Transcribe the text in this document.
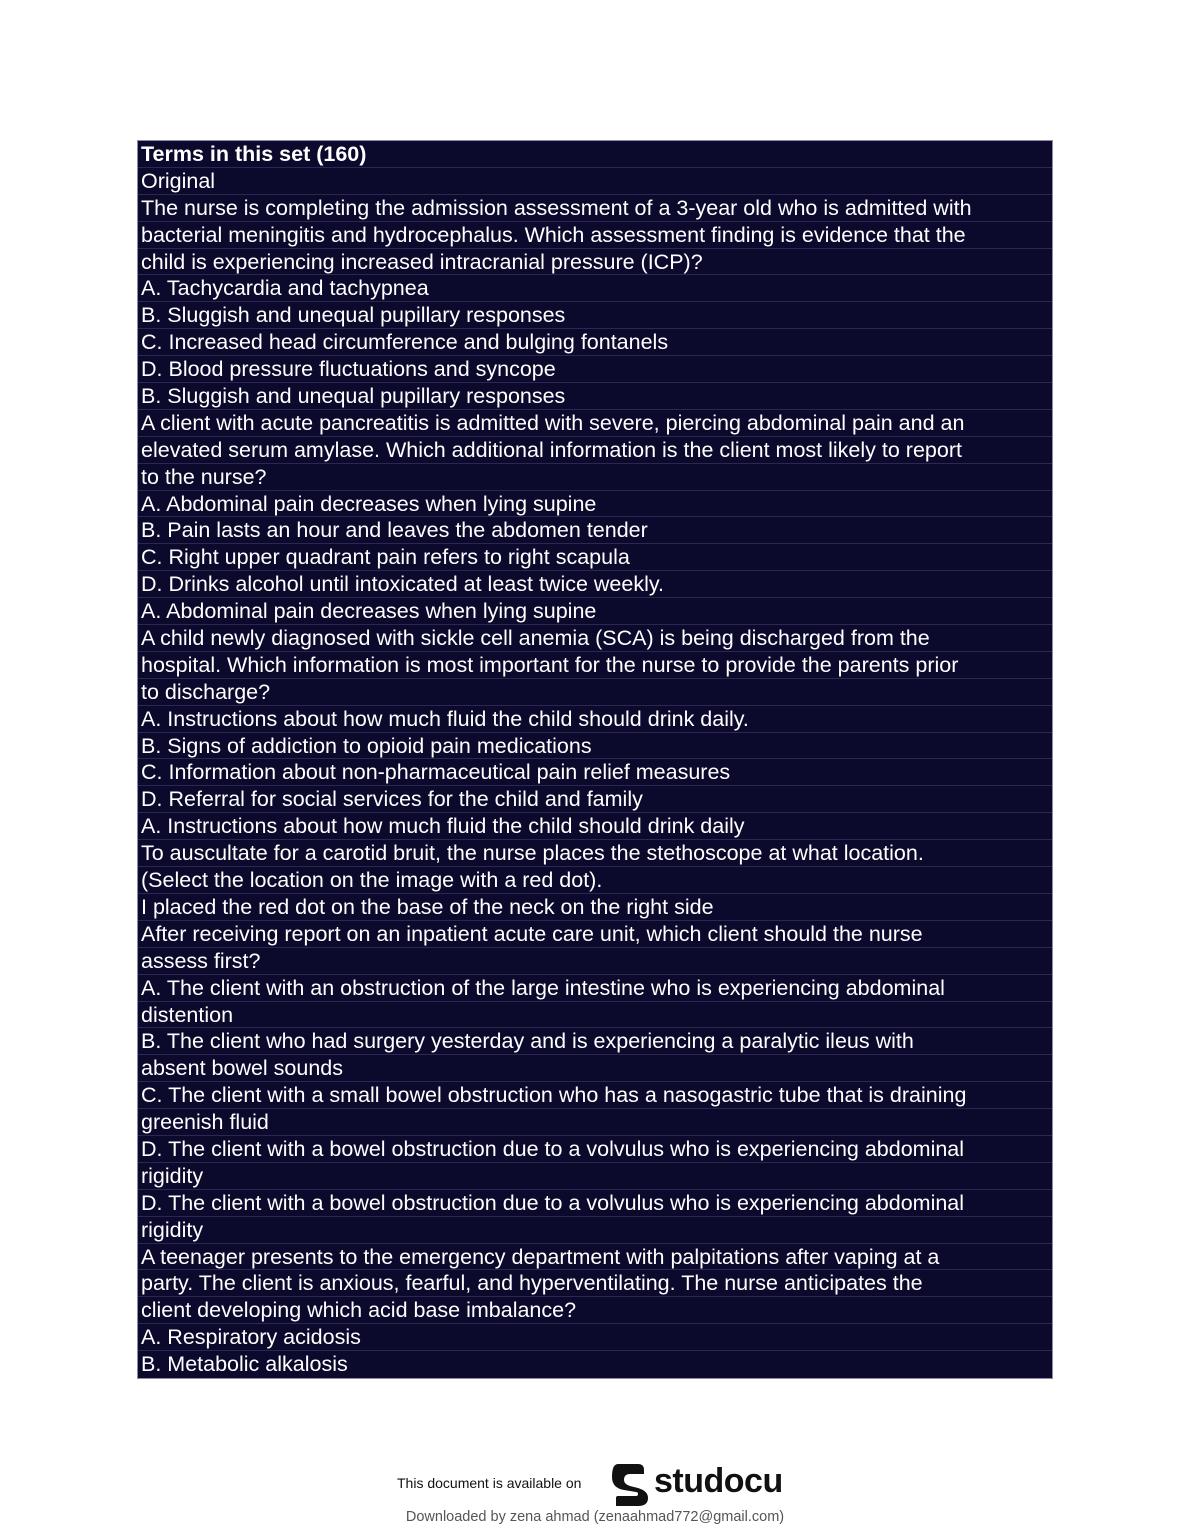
Terms in this set (160)
Original
The nurse is completing the admission assessment of a 3-year old who is admitted with
bacterial meningitis and hydrocephalus. Which assessment finding is evidence that the
child is experiencing increased intracranial pressure (ICP)?
A. Tachycardia and tachypnea
B. Sluggish and unequal pupillary responses
C. Increased head circumference and bulging fontanels
D. Blood pressure fluctuations and syncope
B. Sluggish and unequal pupillary responses
A client with acute pancreatitis is admitted with severe, piercing abdominal pain and an
elevated serum amylase. Which additional information is the client most likely to report
to the nurse?
A. Abdominal pain decreases when lying supine
B. Pain lasts an hour and leaves the abdomen tender
C. Right upper quadrant pain refers to right scapula
D. Drinks alcohol until intoxicated at least twice weekly.
A. Abdominal pain decreases when lying supine
A child newly diagnosed with sickle cell anemia (SCA) is being discharged from the
hospital. Which information is most important for the nurse to provide the parents prior
to discharge?
A. Instructions about how much fluid the child should drink daily.
B. Signs of addiction to opioid pain medications
C. Information about non-pharmaceutical pain relief measures
D. Referral for social services for the child and family
A. Instructions about how much fluid the child should drink daily
To auscultate for a carotid bruit, the nurse places the stethoscope at what location.
(Select the location on the image with a red dot).
I placed the red dot on the base of the neck on the right side
After receiving report on an inpatient acute care unit, which client should the nurse
assess first?
A. The client with an obstruction of the large intestine who is experiencing abdominal
distention
B. The client who had surgery yesterday and is experiencing a paralytic ileus with
absent bowel sounds
C. The client with a small bowel obstruction who has a nasogastric tube that is draining
greenish fluid
D. The client with a bowel obstruction due to a volvulus who is experiencing abdominal
rigidity
D. The client with a bowel obstruction due to a volvulus who is experiencing abdominal
rigidity
A teenager presents to the emergency department with palpitations after vaping at a
party. The client is anxious, fearful, and hyperventilating. The nurse anticipates the
client developing which acid base imbalance?
A. Respiratory acidosis
B. Metabolic alkalosis
This document is available on studocu
Downloaded by zena ahmad (zenaahmad772@gmail.com)
